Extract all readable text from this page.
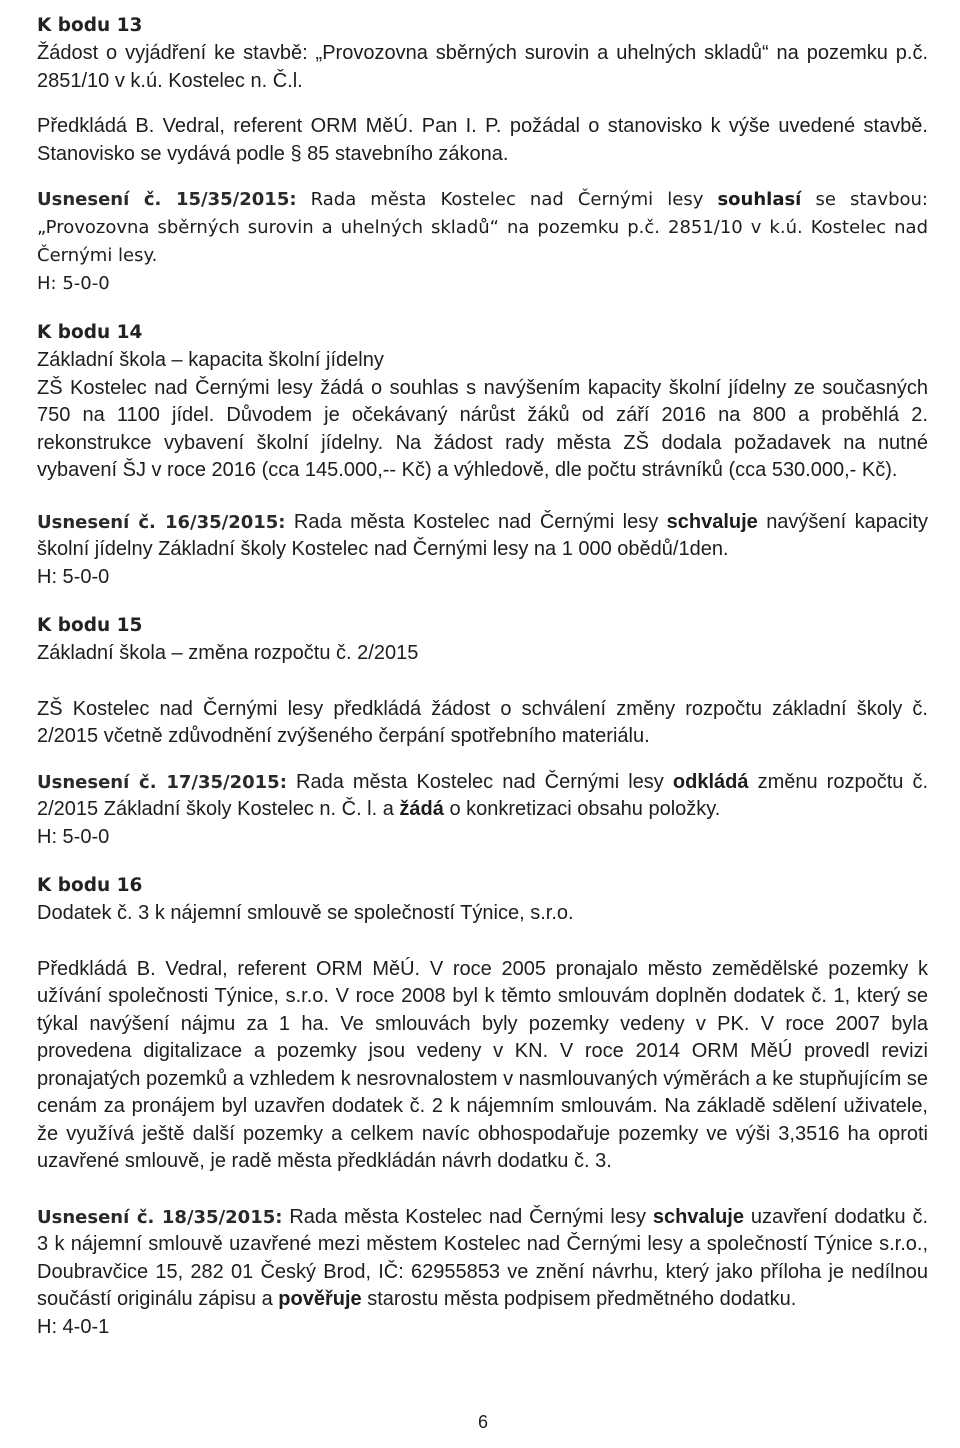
K bodu 13

Žádost o vyjádření ke stavbě: „Provozovna sběrných surovin a uhelných skladů“ na pozemku p.č. 2851/10 v k.ú. Kostelec n. Č.l.

Předkládá B. Vedral, referent ORM MěÚ. Pan I. P. požádal o stanovisko k výše uvedené stavbě. Stanovisko se vydává podle § 85 stavebního zákona.

Usnesení č. 15/35/2015: Rada města Kostelec nad Černými lesy souhlasí se stavbou: „Provozovna sběrných surovin a uhelných skladů“ na pozemku p.č. 2851/10 v k.ú. Kostelec nad Černými lesy.

H: 5-0-0

K bodu 14

Základní škola – kapacita školní jídelny

ZŠ Kostelec nad Černými lesy žádá o souhlas s navýšením kapacity školní jídelny ze současných 750 na 1100 jídel. Důvodem je očekávaný nárůst žáků od září 2016 na 800 a proběhlá 2. rekonstrukce vybavení školní jídelny. Na žádost rady města ZŠ dodala požadavek na nutné vybavení ŠJ v roce 2016 (cca 145.000,-- Kč) a výhledově, dle počtu strávníků (cca 530.000,- Kč).

Usnesení č. 16/35/2015: Rada města Kostelec nad Černými lesy schvaluje navýšení kapacity školní jídelny Základní školy Kostelec nad Černými lesy na 1 000 obědů/1den.

H: 5-0-0

K bodu 15

Základní škola – změna rozpočtu č. 2/2015

ZŠ Kostelec nad Černými lesy předkládá žádost o schválení změny rozpočtu základní školy č. 2/2015 včetně zdůvodnění zvýšeného čerpání spotřebního materiálu.

Usnesení č. 17/35/2015: Rada města Kostelec nad Černými lesy odkládá změnu rozpočtu č. 2/2015 Základní školy Kostelec n. Č. l. a žádá o konkretizaci obsahu položky.

H: 5-0-0

K bodu 16

Dodatek č. 3 k nájemní smlouvě se společností Týnice, s.r.o.

Předkládá B. Vedral, referent ORM MěÚ. V roce 2005 pronajalo město zemědělské pozemky k užívání společnosti Týnice, s.r.o. V roce 2008 byl k těmto smlouvám doplněn dodatek č. 1, který se týkal navýšení nájmu za 1 ha. Ve smlouvách byly pozemky vedeny v PK. V roce 2007 byla provedena digitalizace a pozemky jsou vedeny v KN. V roce 2014 ORM MěÚ provedl revizi pronajatých pozemků a vzhledem k nesrovnalostem v nasmlouvaných výměrách a ke stupňujícím se cenám za pronájem byl uzavřen dodatek č. 2 k nájemním smlouvám. Na základě sdělení uživatele, že využívá ještě další pozemky a celkem navíc obhospodařuje pozemky ve výši 3,3516 ha oproti uzavřené smlouvě, je radě města předkládán návrh dodatku č. 3.

Usnesení č. 18/35/2015: Rada města Kostelec nad Černými lesy schvaluje uzavření dodatku č. 3 k nájemní smlouvě uzavřené mezi městem Kostelec nad Černými lesy a společností Týnice s.r.o., Doubravčice 15, 282 01 Český Brod, IČ: 62955853 ve znění návrhu, který jako příloha je nedílnou součástí originálu zápisu a pověřuje starostu města podpisem předmětného dodatku.

H: 4-0-1

6
